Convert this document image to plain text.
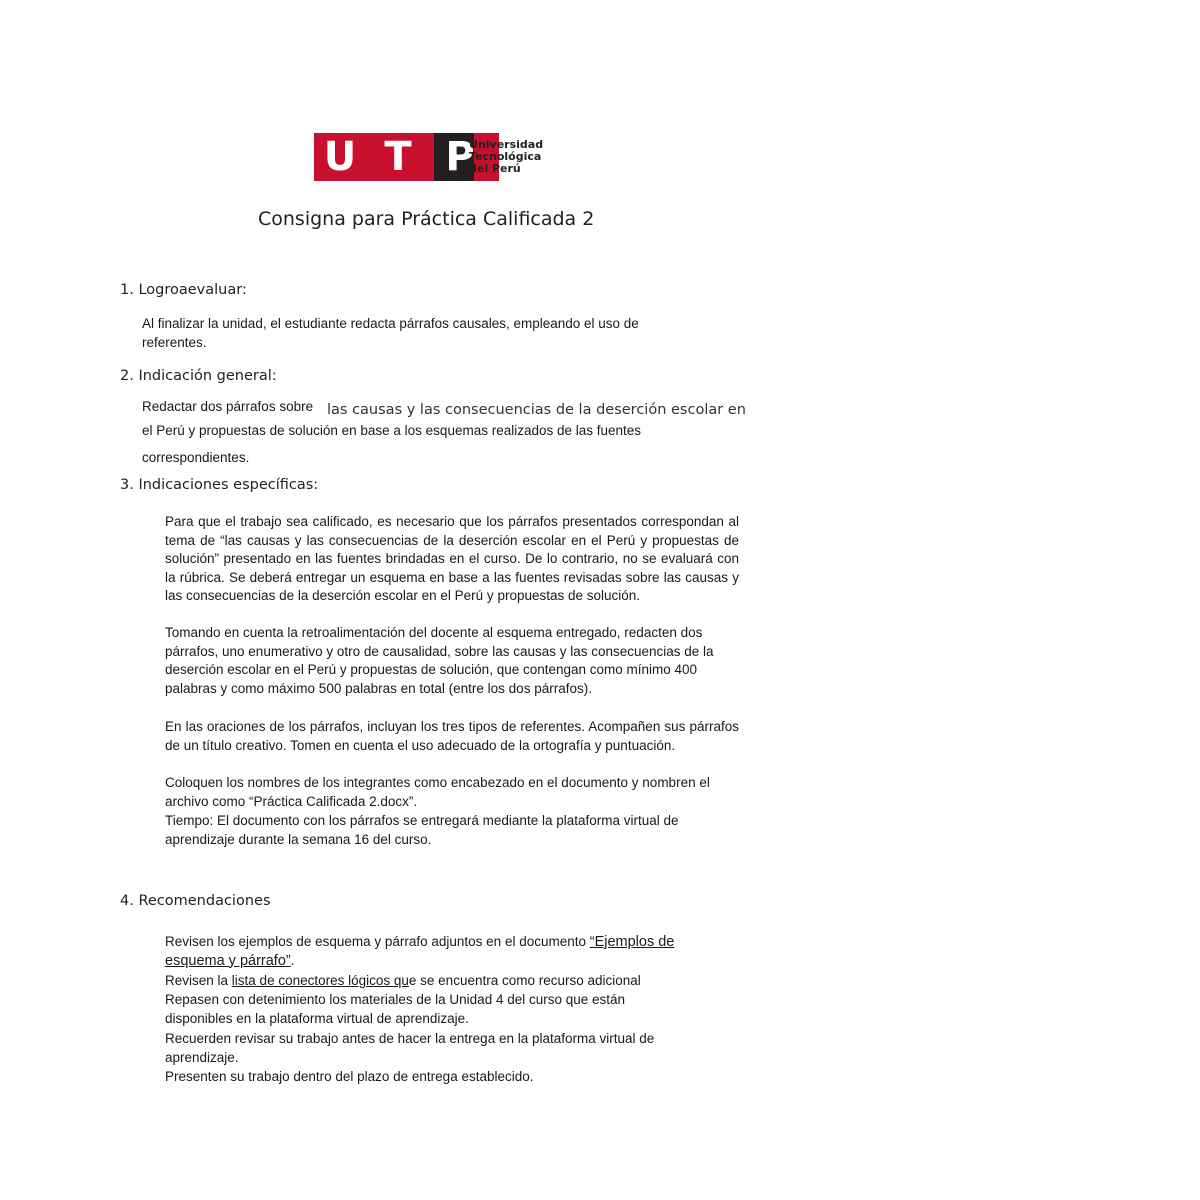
U T P
Universidad
Tecnológica
del Perú
Consigna para Práctica Calificada 2
1. Logroaevaluar:
Al finalizar la unidad, el estudiante redacta párrafos causales, empleando el uso de referentes.
2. Indicación general:
Redactar dos párrafos sobre las causas y las consecuencias de la deserción escolar en
el Perú y propuestas de solución en base a los esquemas realizados de las fuentes
correspondientes.
3. Indicaciones específicas:
Para que el trabajo sea calificado, es necesario que los párrafos presentados correspondan al tema de “las causas y las consecuencias de la deserción escolar en el Perú y propuestas de solución” presentado en las fuentes brindadas en el curso. De lo contrario, no se evaluará con la rúbrica. Se deberá entregar un esquema en base a las fuentes revisadas sobre las causas y las consecuencias de la deserción escolar en el Perú y propuestas de solución.
Tomando en cuenta la retroalimentación del docente al esquema entregado, redacten dos párrafos, uno enumerativo y otro de causalidad, sobre las causas y las consecuencias de la deserción escolar en el Perú y propuestas de solución, que contengan como mínimo 400 palabras y como máximo 500 palabras en total (entre los dos párrafos).
En las oraciones de los párrafos, incluyan los tres tipos de referentes. Acompañen sus párrafos de un título creativo. Tomen en cuenta el uso adecuado de la ortografía y puntuación.
Coloquen los nombres de los integrantes como encabezado en el documento y nombren el archivo como “Práctica Calificada 2.docx”.
Tiempo: El documento con los párrafos se entregará mediante la plataforma virtual de aprendizaje durante la semana 16 del curso.
4. Recomendaciones
Revisen los ejemplos de esquema y párrafo adjuntos en el documento “Ejemplos de esquema y párrafo”.
Revisen la lista de conectores lógicos que se encuentra como recurso adicional
Repasen con detenimiento los materiales de la Unidad 4 del curso que están disponibles en la plataforma virtual de aprendizaje.
Recuerden revisar su trabajo antes de hacer la entrega en la plataforma virtual de aprendizaje.
Presenten su trabajo dentro del plazo de entrega establecido.
